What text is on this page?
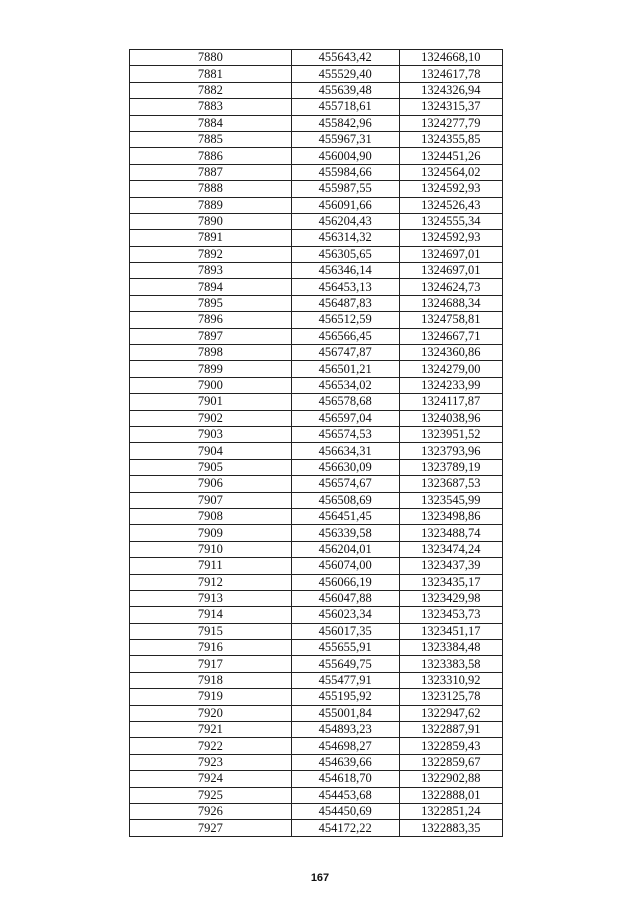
7880	455643,42	1324668,10
7881	455529,40	1324617,78
7882	455639,48	1324326,94
7883	455718,61	1324315,37
7884	455842,96	1324277,79
7885	455967,31	1324355,85
7886	456004,90	1324451,26
7887	455984,66	1324564,02
7888	455987,55	1324592,93
7889	456091,66	1324526,43
7890	456204,43	1324555,34
7891	456314,32	1324592,93
7892	456305,65	1324697,01
7893	456346,14	1324697,01
7894	456453,13	1324624,73
7895	456487,83	1324688,34
7896	456512,59	1324758,81
7897	456566,45	1324667,71
7898	456747,87	1324360,86
7899	456501,21	1324279,00
7900	456534,02	1324233,99
7901	456578,68	1324117,87
7902	456597,04	1324038,96
7903	456574,53	1323951,52
7904	456634,31	1323793,96
7905	456630,09	1323789,19
7906	456574,67	1323687,53
7907	456508,69	1323545,99
7908	456451,45	1323498,86
7909	456339,58	1323488,74
7910	456204,01	1323474,24
7911	456074,00	1323437,39
7912	456066,19	1323435,17
7913	456047,88	1323429,98
7914	456023,34	1323453,73
7915	456017,35	1323451,17
7916	455655,91	1323384,48
7917	455649,75	1323383,58
7918	455477,91	1323310,92
7919	455195,92	1323125,78
7920	455001,84	1322947,62
7921	454893,23	1322887,91
7922	454698,27	1322859,43
7923	454639,66	1322859,67
7924	454618,70	1322902,88
7925	454453,68	1322888,01
7926	454450,69	1322851,24
7927	454172,22	1322883,35
167
